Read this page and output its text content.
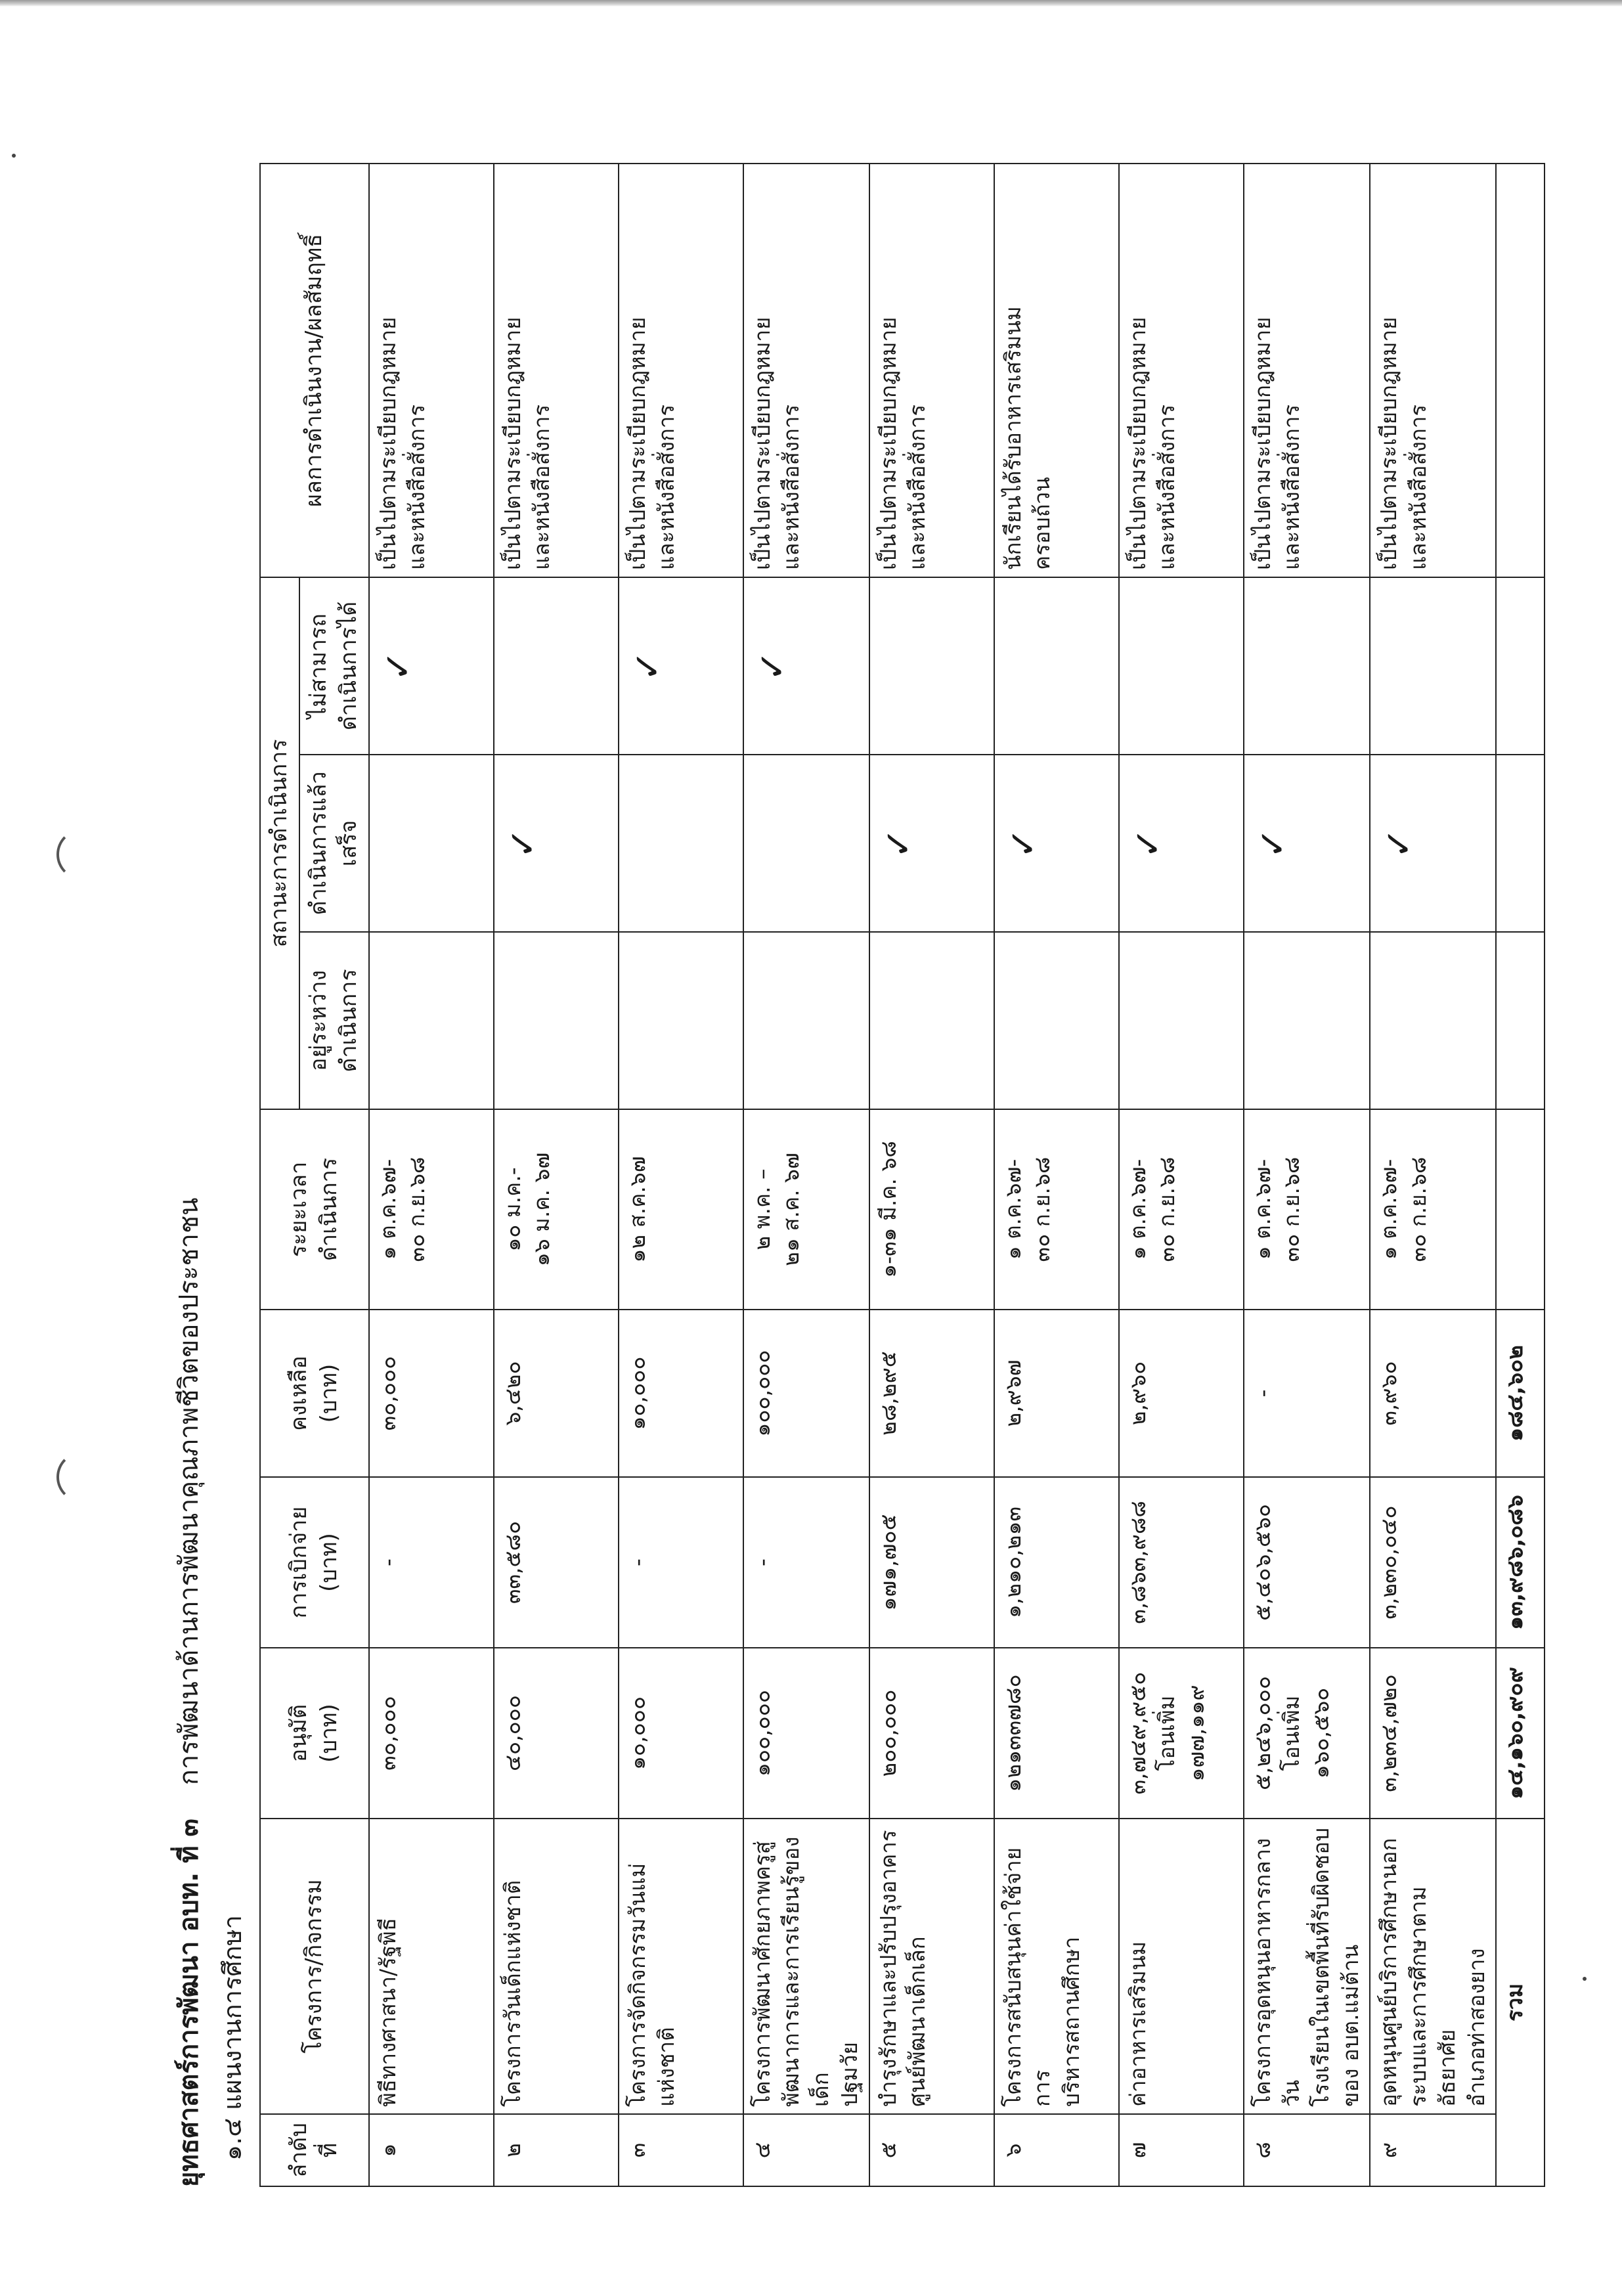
ยุทธศาสตร์การพัฒนา อบท. ที่ ๓    การพัฒนาด้านการพัฒนาคุณภาพชีวิตของประชาชน
๑.๔ แผนงานการศึกษา	ลำดับที่	โครงการ/กิจกรรม	อนุมัติ (บาท)	การเบิกจ่าย (บาท)	คงเหลือ (บาท)	ระยะเวลา ดำเนินการ	สถานะการดำเนินการ			ผลการดำเนินงาน/ผลสัมฤทธิ์

						อยู่ระหว่าง ดำเนินการ	ดำเนินการแล้ว เสร็จ	ไม่สามารถ ดำเนินการได้	

๑	พิธีทางศาสนา/รัฐพิธี	๓๐,๐๐๐	-	๓๐,๐๐๐	๑ ต.ค.๖๗- ๓๐ ก.ย.๖๘			✓	เป็นไปตามระเบียบกฎหมาย และหนังสือสั่งการ

๒	โครงการวันเด็กแห่งชาติ	๔๐,๐๐๐	๓๓,๕๘๐	๖,๔๒๐	๑๐ ม.ค.- ๑๖ ม.ค. ๖๗		✓		เป็นไปตามระเบียบกฎหมาย และหนังสือสั่งการ

๓	โครงการจัดกิจกรรมวันแม่ แห่งชาติ	๑๐,๐๐๐	-	๑๐,๐๐๐	๑๒ ส.ค.๖๗			✓	เป็นไปตามระเบียบกฎหมาย และหนังสือสั่งการ

๔	โครงการพัฒนาศักยภาพครูสู่ พัฒนาการและการเรียนรู้ของเด็ก ปฐมวัย	๑๐๐,๐๐๐	-	๑๐๐,๐๐๐	๒ พ.ค. – ๒๑ ส.ค. ๖๗			✓	เป็นไปตามระเบียบกฎหมาย และหนังสือสั่งการ

๕	บำรุงรักษาและปรับปรุงอาคาร ศูนย์พัฒนาเด็กเล็ก	๒๐๐,๐๐๐	๑๗๑,๗๐๕	๒๘,๒๙๕	๑-๓๑ มี.ค. ๖๘		✓		เป็นไปตามระเบียบกฎหมาย และหนังสือสั่งการ

๖	โครงการสนับสนุนค่าใช้จ่ายการ บริหารสถานศึกษา	๑๒๑๓๓๗๘๐	๑,๒๑๐,๒๑๓	๒,๙๖๗	๑ ต.ค.๖๗- ๓๐ ก.ย.๖๘		✓		นักเรียนได้รับอาหารเสริมนม ครอบถ้วน

๗	ค่าอาหารเสริมนม	๓,๗๔๙,๙๕๐ โอนเพิ่ม ๑๗๗,๑๑๙	๓,๘๖๓,๙๘๘	๒,๙๖๐	๑ ต.ค.๖๗- ๓๐ ก.ย.๖๘		✓		เป็นไปตามระเบียบกฎหมาย และหนังสือสั่งการ

๘	โครงการอุดหนุนอาหารกลางวัน โรงเรียนในเขตพื้นที่รับผิดชอบ ของ อบต.แม่ต้าน	๕,๒๔๖,๐๐๐ โอนเพิ่ม ๑๖๐,๕๖๐	๕,๔๐๖,๕๖๐	-	๑ ต.ค.๖๗- ๓๐ ก.ย.๖๘		✓		เป็นไปตามระเบียบกฎหมาย และหนังสือสั่งการ

๙	อุดหนุนศูนย์บริการศึกษานอก ระบบและการศึกษาตามอัธยาศัย อำเภอท่าสองยาง	๓,๒๓๔,๗๒๐	๓,๒๓๐,๐๔๐	๓,๙๖๐	๑ ต.ค.๖๗- ๓๐ ก.ย.๖๘		✓		เป็นไปตามระเบียบกฎหมาย และหนังสือสั่งการ

รวม		๑๔,๑๖๐,๙๐๙	๑๓,๙๘๖,๐๘๖	๑๘๔,๖๐๒					
